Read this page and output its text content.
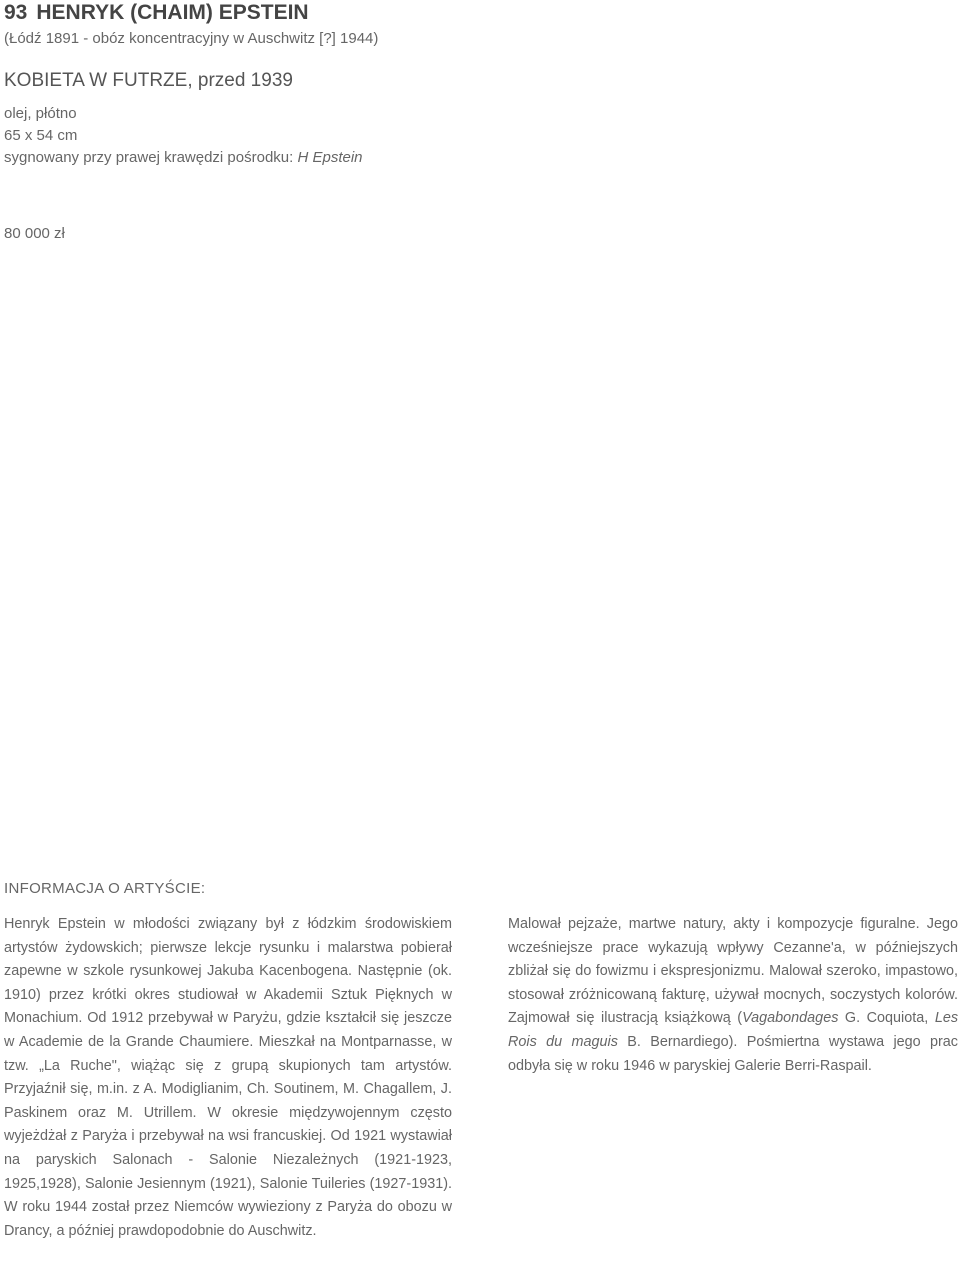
93 HENRYK (CHAIM) EPSTEIN
(Łódź 1891 - obóz koncentracyjny w Auschwitz [?] 1944)
KOBIETA W FUTRZE, przed 1939
olej, płótno
65 x 54 cm
sygnowany przy prawej krawędzi pośrodku: H Epstein
80 000 zł
INFORMACJA O ARTYŚCIE:

Henryk Epstein w młodości związany był z łódzkim środowiskiem artystów żydowskich; pierwsze lekcje rysunku i malarstwa pobierał zapewne w szkole rysunkowej Jakuba Kacenbogena. Następnie (ok. 1910) przez krótki okres studiował w Akademii Sztuk Pięknych w Monachium. Od 1912 przebywał w Paryżu, gdzie kształcił się jeszcze w Academie de la Grande Chaumiere. Mieszkał na Montparnasse, w tzw. „La Ruche", wiążąc się z grupą skupionych tam artystów. Przyjaźnił się, m.in. z A. Modiglianim, Ch. Soutinem, M. Chagallem, J. Paskinem oraz M. Utrillem. W okresie międzywojennym często wyjeżdżał z Paryża i przebywał na wsi francuskiej. Od 1921 wystawiał na paryskich Salonach - Salonie Niezależnych (1921-1923, 1925,1928), Salonie Jesiennym (1921), Salonie Tuileries (1927-1931). W roku 1944 został przez Niemców wywieziony z Paryża do obozu w Drancy, a później prawdopodobnie do Auschwitz.

Malował pejzaże, martwe natury, akty i kompozycje figuralne. Jego wcześniejsze prace wykazują wpływy Cezanne'a, w późniejszych zbliżał się do fowizmu i ekspresjonizmu. Malował szeroko, impastowo, stosował zróżnicowaną fakturę, używał mocnych, soczystych kolorów. Zajmował się ilustracją książkową (Vagabondages G. Coquiota, Les Rois du maguis B. Bernardiego). Pośmiertna wystawa jego prac odbyła się w roku 1946 w paryskiej Galerie Berri-Raspail.
